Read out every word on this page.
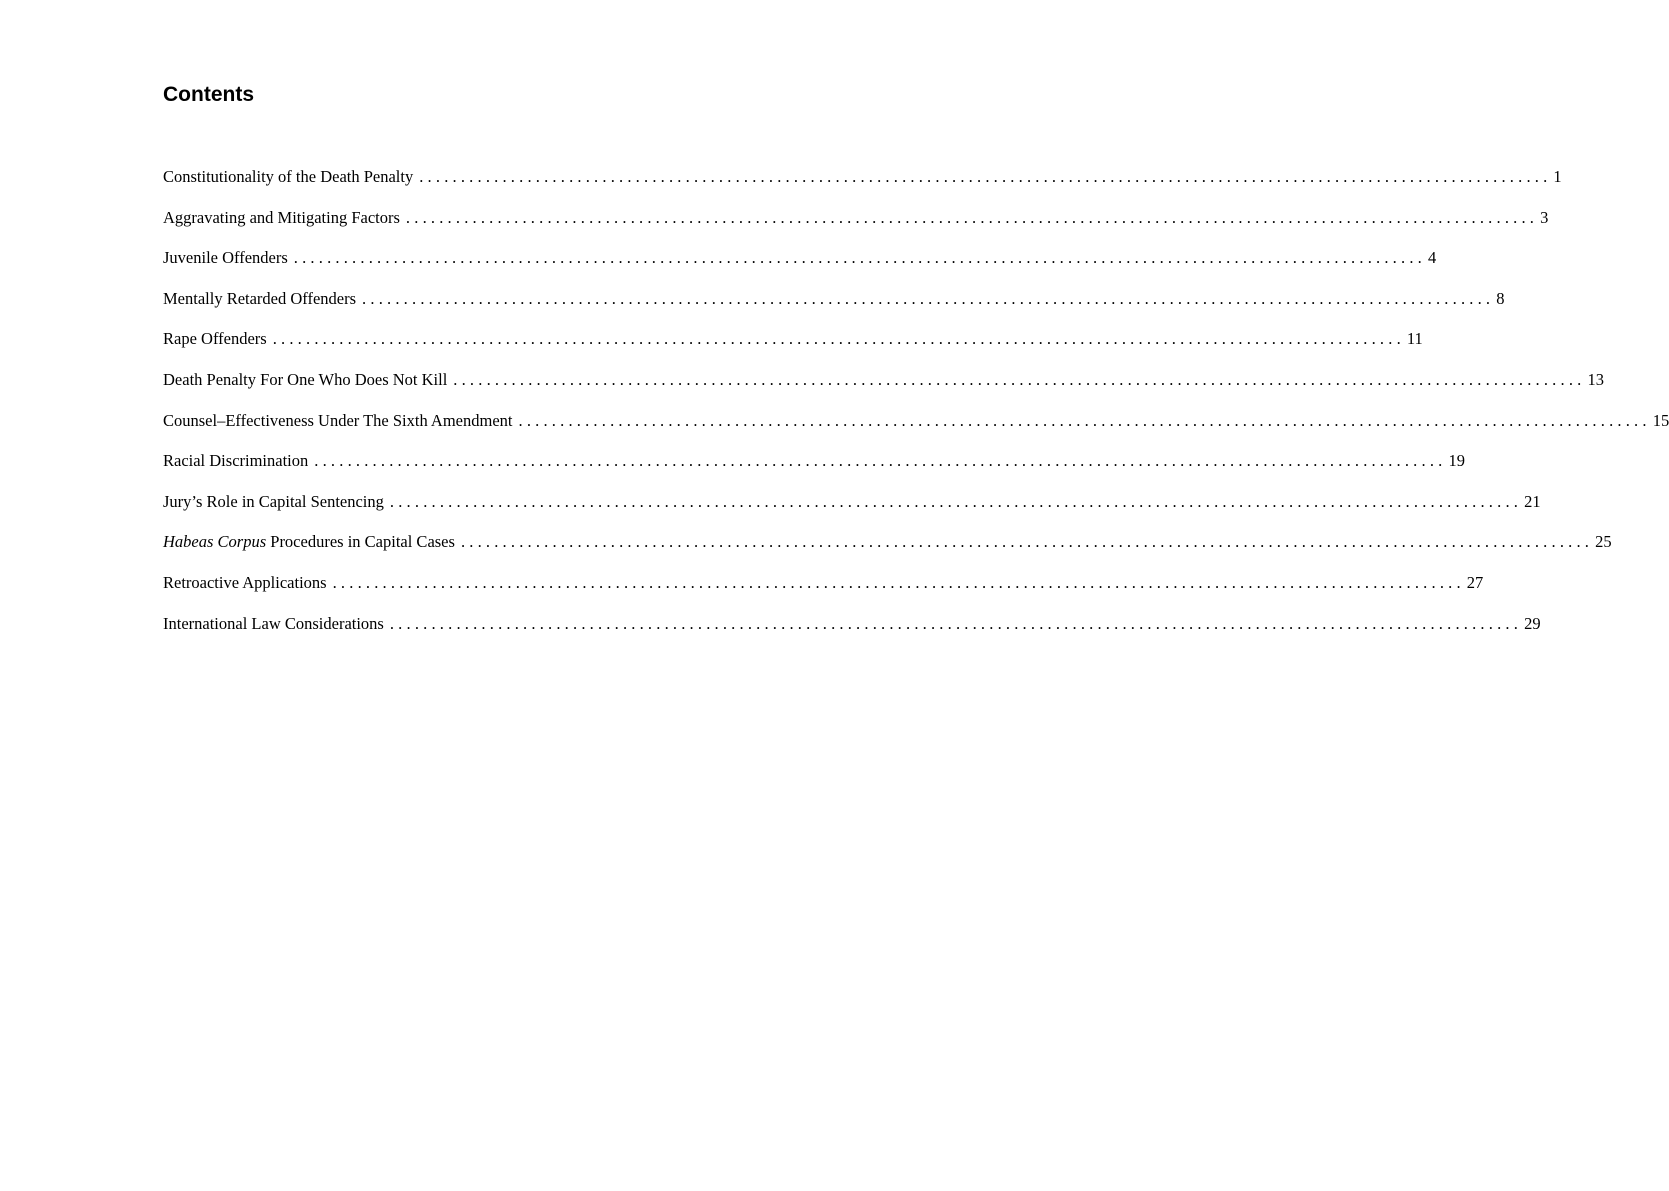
Contents
Constitutionality of the Death Penalty ........................................................................................................................................ 1
Aggravating and Mitigating Factors ........................................................................................................................................ 3
Juvenile Offenders ........................................................................................................................................ 4
Mentally Retarded Offenders ........................................................................................................................................ 8
Rape Offenders ........................................................................................................................................ 11
Death Penalty For One Who Does Not Kill ........................................................................................................................................ 13
Counsel–Effectiveness Under The Sixth Amendment ........................................................................................................................................ 15
Racial Discrimination ........................................................................................................................................ 19
Jury’s Role in Capital Sentencing ........................................................................................................................................ 21
Habeas Corpus Procedures in Capital Cases ........................................................................................................................................ 25
Retroactive Applications ........................................................................................................................................ 27
International Law Considerations ........................................................................................................................................ 29
